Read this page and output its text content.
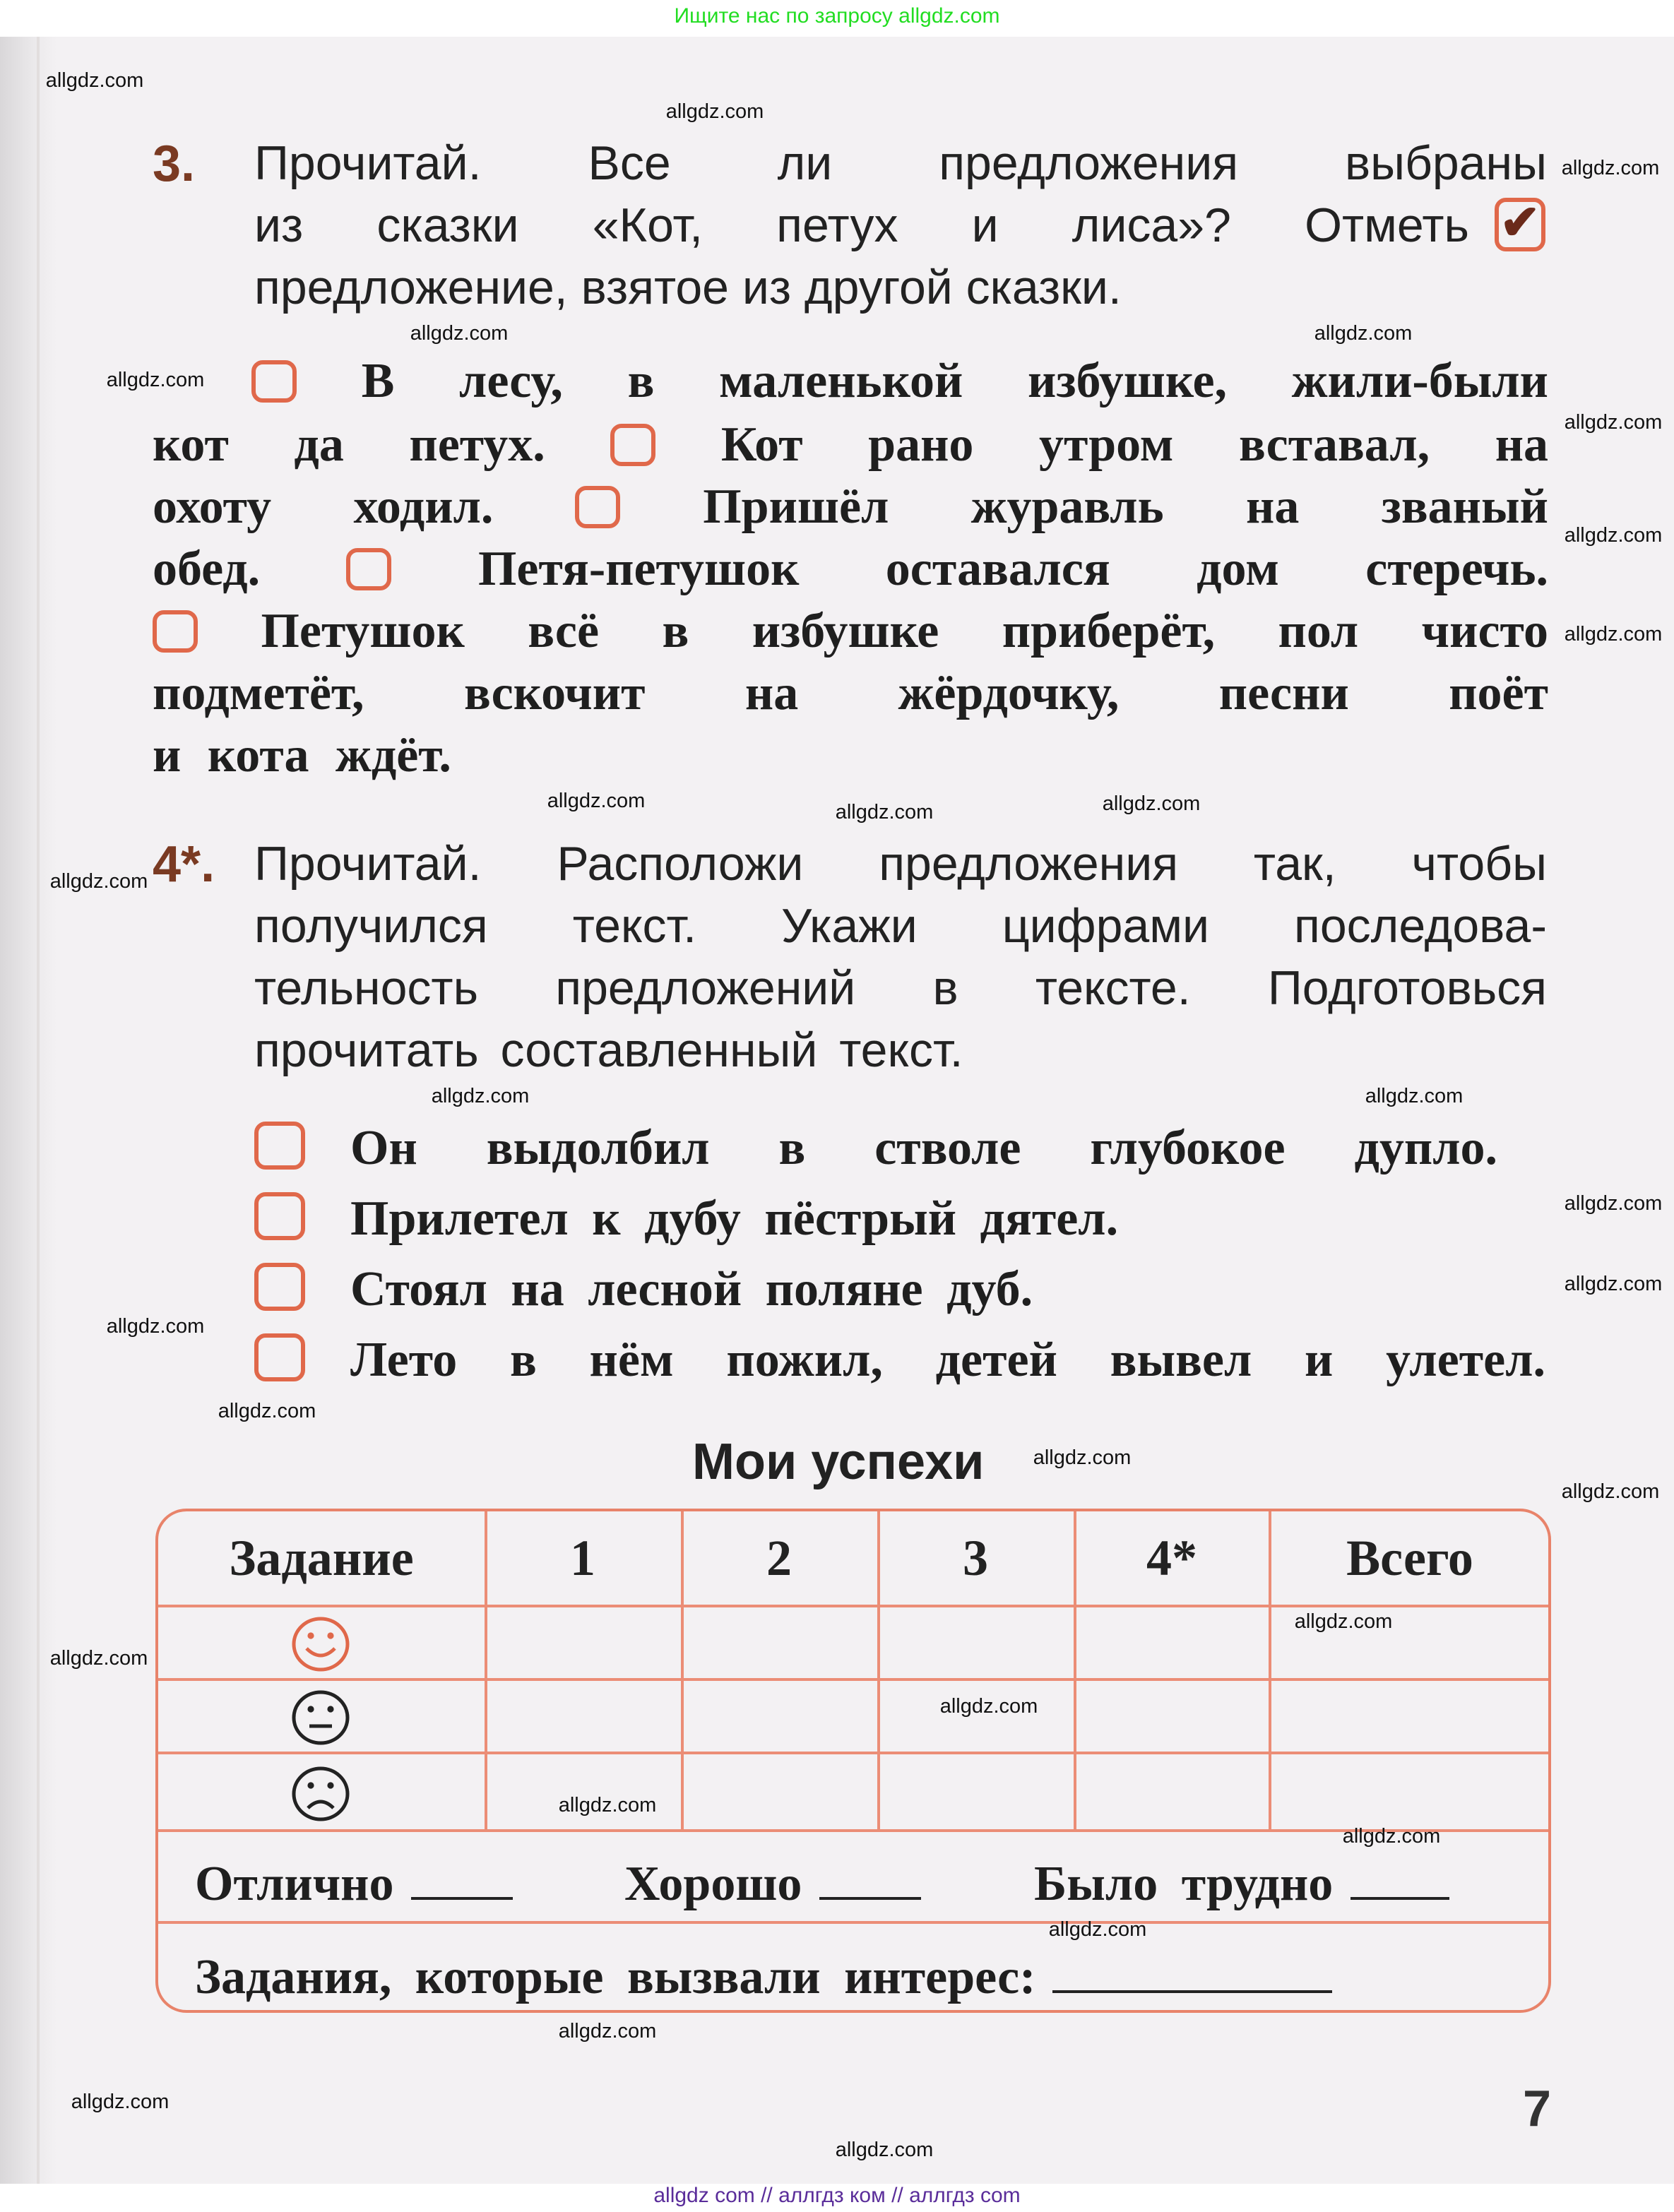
Ищите нас по запросу allgdz.com
3. Прочитай. Все ли предложения выбраны
из сказки «Кот, петух и лиса»? Отметь ✔
предложение, взятое из другой сказки.
В лесу, в маленькой избушке, жили-были
кот да петух.	Кот рано утром вставал, на
охоту ходил.	Пришёл журавль на званый
обед.	Петя-петушок оставался дом стеречь.
Петушок всё в избушке приберёт, пол чисто
подметёт, вскочит на жёрдочку, песни поёт
и кота ждёт.
4*. Прочитай. Расположи предложения так, чтобы
получился текст. Укажи цифрами последова-
тельность предложений в тексте. Подготовься
прочитать составленный текст.
Он выдолбил в стволе глубокое дупло.
Прилетел к дубу пёстрый дятел.
Стоял на лесной поляне дуб.
Лето в нём пожил, детей вывел и улетел.
Мои успехи
Задание	1	2	3	4*	Всего
Отлично	Хорошо	Было трудно
Задания, которые вызвали интерес:
7
allgdz com // аллгдз ком // аллгдз com
allgdz.com
allgdz.com
allgdz.com
allgdz.com
allgdz.com
allgdz.com
allgdz.com
allgdz.com
allgdz.com
allgdz.com	allgdz.com
allgdz.com
allgdz.com
allgdz.com
allgdz.com
allgdz.com
allgdz.com
allgdz.com
allgdz.com
allgdz.com
allgdz.com
allgdz.com
allgdz.com
allgdz.com
allgdz.com
allgdz.com
allgdz.com
allgdz.com
allgdz.com
allgdz.com
